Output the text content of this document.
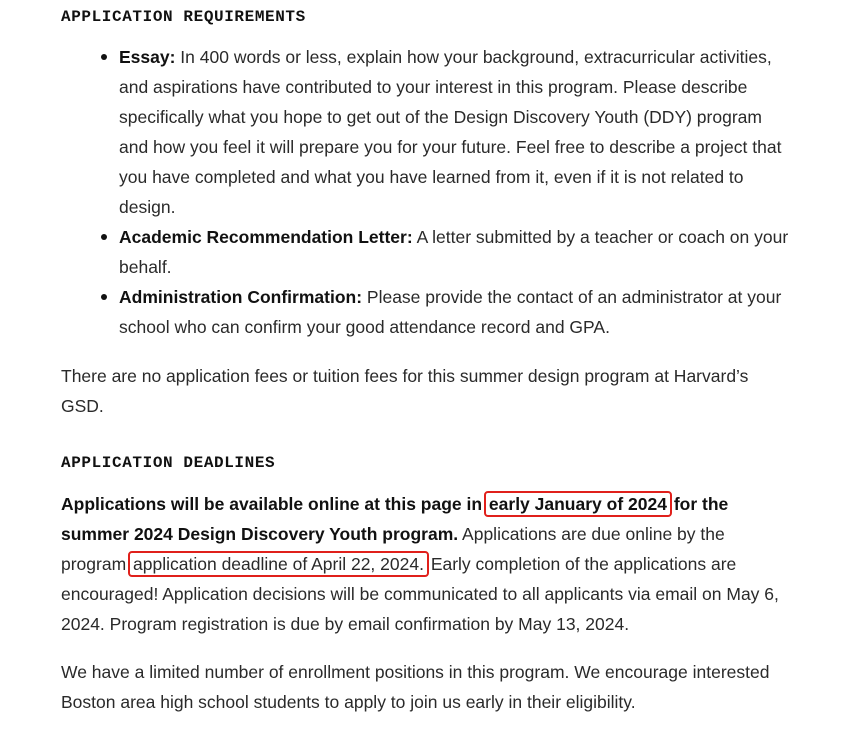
APPLICATION REQUIREMENTS
Essay: In 400 words or less, explain how your background, extracurricular activities, and aspirations have contributed to your interest in this program. Please describe specifically what you hope to get out of the Design Discovery Youth (DDY) program and how you feel it will prepare you for your future. Feel free to describe a project that you have completed and what you have learned from it, even if it is not related to design.
Academic Recommendation Letter: A letter submitted by a teacher or coach on your behalf.
Administration Confirmation: Please provide the contact of an administrator at your school who can confirm your good attendance record and GPA.

There are no application fees or tuition fees for this summer design program at Harvard’s GSD.

APPLICATION DEADLINES

Applications will be available online at this page in early January of 2024 for the summer 2024 Design Discovery Youth program. Applications are due online by the program application deadline of April 22, 2024. Early completion of the applications are encouraged! Application decisions will be communicated to all applicants via email on May 6, 2024. Program registration is due by email confirmation by May 13, 2024.

We have a limited number of enrollment positions in this program. We encourage interested Boston area high school students to apply to join us early in their eligibility.
